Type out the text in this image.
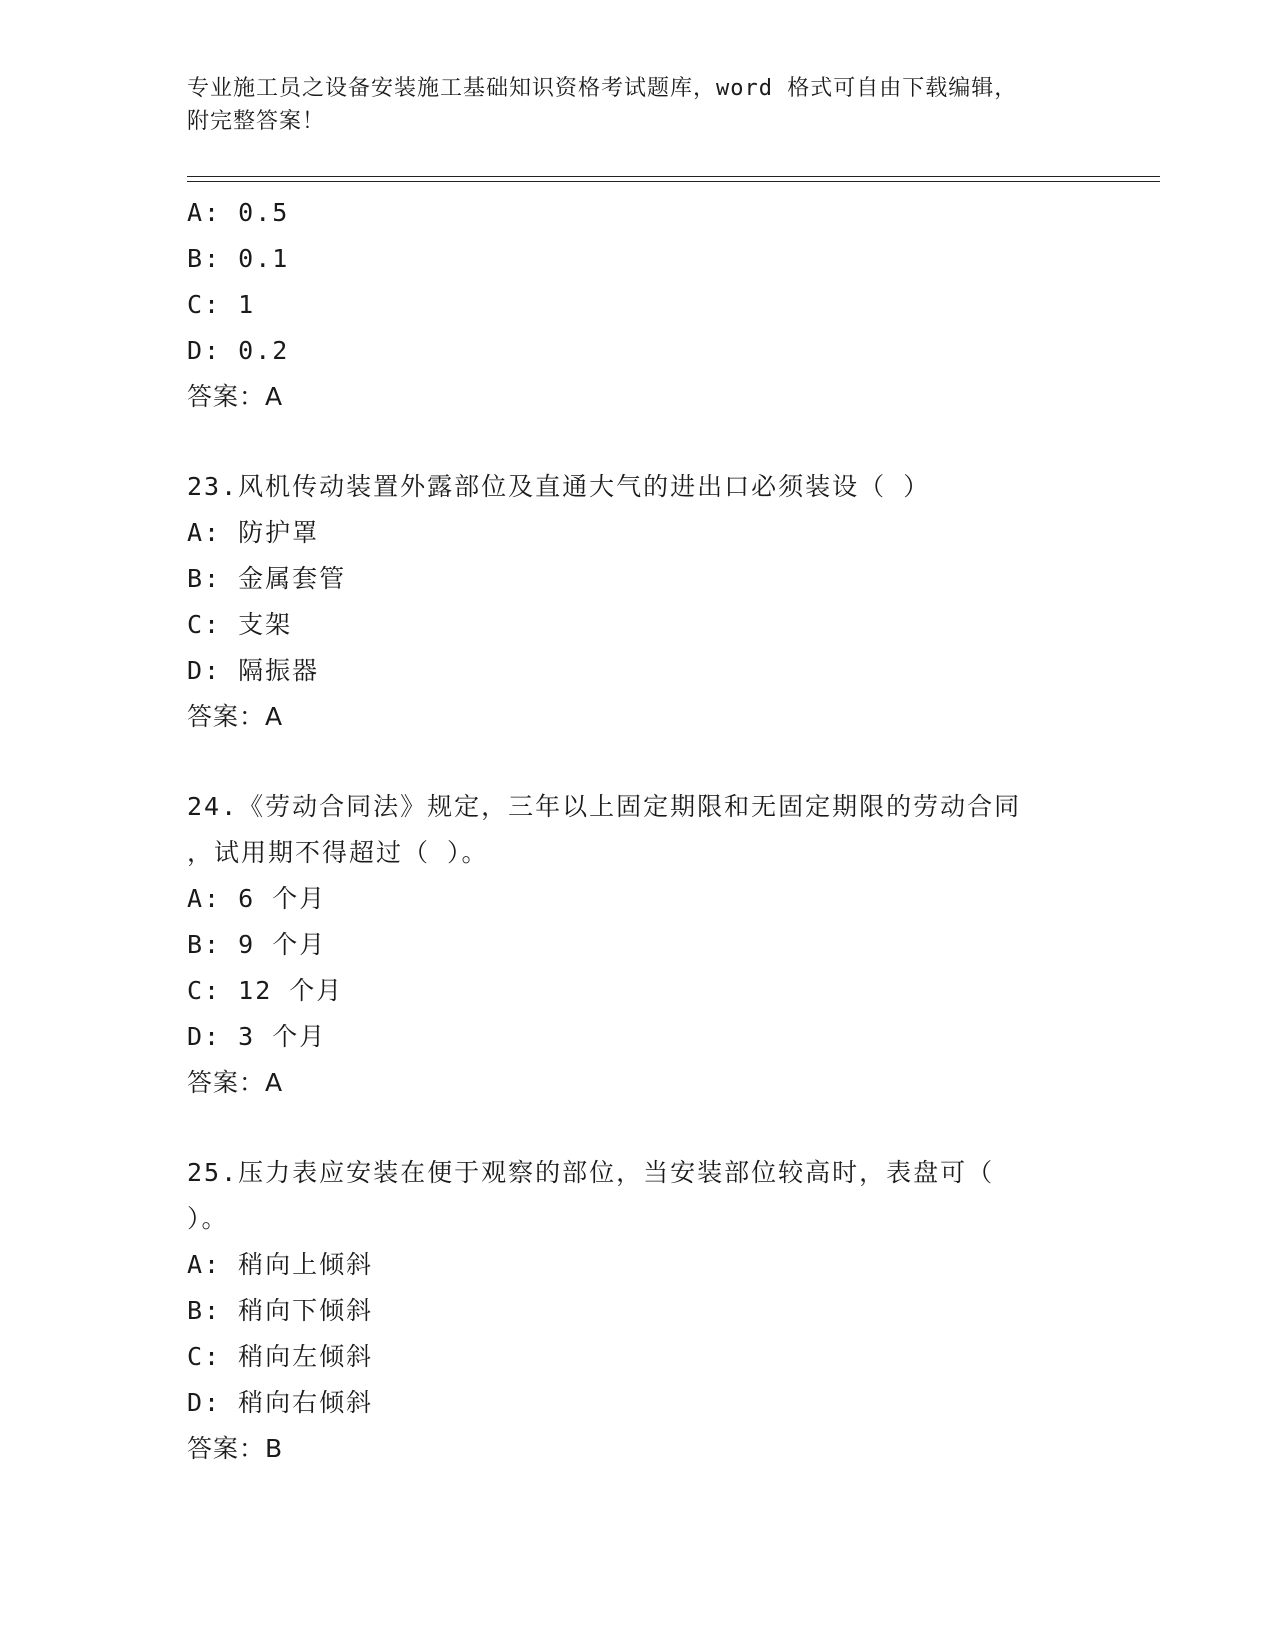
专业施工员之设备安装施工基础知识资格考试题库，word 格式可自由下载编辑，
附完整答案！
A: 0.5
B: 0.1
C: 1
D: 0.2
答案：A
23.风机传动装置外露部位及直通大气的进出口必须装设（ ）
A: 防护罩
B: 金属套管
C: 支架
D: 隔振器
答案：A
24.《劳动合同法》规定，三年以上固定期限和无固定期限的劳动合同
，试用期不得超过（ ）。
A: 6 个月
B: 9 个月
C: 12 个月
D: 3 个月
答案：A
25.压力表应安装在便于观察的部位，当安装部位较高时，表盘可（
）。
A: 稍向上倾斜
B: 稍向下倾斜
C: 稍向左倾斜
D: 稍向右倾斜
答案：B
